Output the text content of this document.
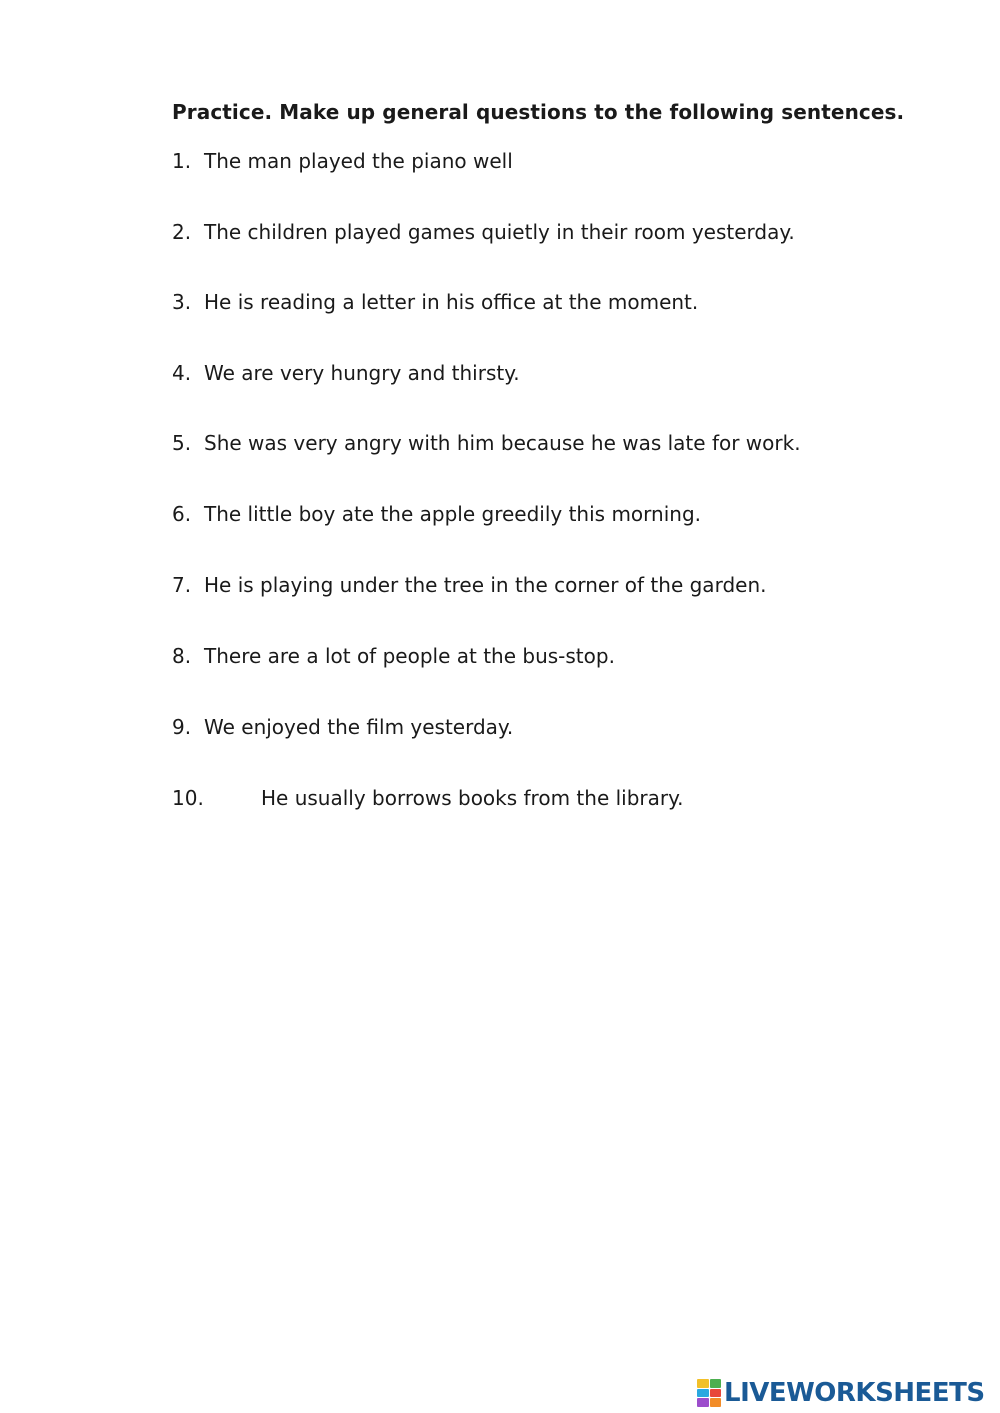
Practice. Make up general questions to the following sentences.
1. The man played the piano well
2. The children played games quietly in their room yesterday.
3. He is reading a letter in his office at the moment.
4. We are very hungry and thirsty.
5. She was very angry with him because he was late for work.
6. The little boy ate the apple greedily this morning.
7. He is playing under the tree in the corner of the garden.
8. There are a lot of people at the bus-stop.
9. We enjoyed the film yesterday.
10.	He usually borrows books from the library.
LIVEWORKSHEETS
